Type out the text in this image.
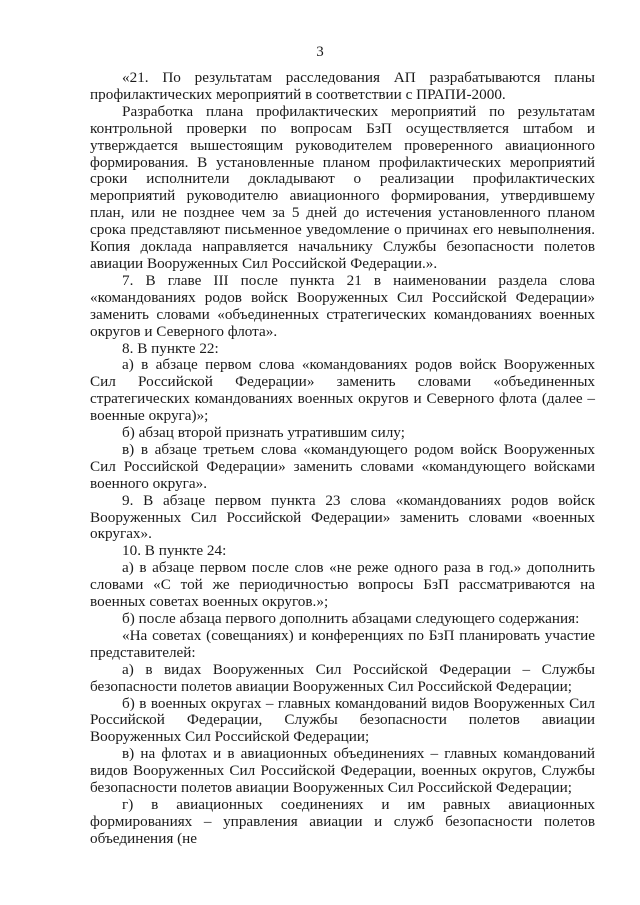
3

«21. По результатам расследования АП разрабатываются планы профилактических мероприятий в соответствии с ПРАПИ-2000.

Разработка плана профилактических мероприятий по результатам контрольной проверки по вопросам БзП осуществляется штабом и утверждается вышестоящим руководителем проверенного авиационного формирования. В установленные планом профилактических мероприятий сроки исполнители докладывают о реализации профилактических мероприятий руководителю авиационного формирования, утвердившему план, или не позднее чем за 5 дней до истечения установленного планом срока представляют письменное уведомление о причинах его невыполнения. Копия доклада направляется начальнику Службы безопасности полетов авиации Вооруженных Сил Российской Федерации.».

7. В главе III после пункта 21 в наименовании раздела слова «командованиях родов войск Вооруженных Сил Российской Федерации» заменить словами «объединенных стратегических командованиях военных округов и Северного флота».

8. В пункте 22:

а) в абзаце первом слова «командованиях родов войск Вооруженных Сил Российской Федерации» заменить словами «объединенных стратегических командованиях военных округов и Северного флота (далее – военные округа)»;

б) абзац второй признать утратившим силу;

в) в абзаце третьем слова «командующего родом войск Вооруженных Сил Российской Федерации» заменить словами «командующего войсками военного округа».

9. В абзаце первом пункта 23 слова «командованиях родов войск Вооруженных Сил Российской Федерации» заменить словами «военных округах».

10. В пункте 24:

а) в абзаце первом после слов «не реже одного раза в год.» дополнить словами «С той же периодичностью вопросы БзП рассматриваются на военных советах военных округов.»;

б) после абзаца первого дополнить абзацами следующего содержания:

«На советах (совещаниях) и конференциях по БзП планировать участие представителей:

а) в видах Вооруженных Сил Российской Федерации – Службы безопасности полетов авиации Вооруженных Сил Российской Федерации;

б) в военных округах – главных командований видов Вооруженных Сил Российской Федерации, Службы безопасности полетов авиации Вооруженных Сил Российской Федерации;

в) на флотах и в авиационных объединениях – главных командований видов Вооруженных Сил Российской Федерации, военных округов, Службы безопасности полетов авиации Вооруженных Сил Российской Федерации;

г) в авиационных соединениях и им равных авиационных формированиях – управления авиации и служб безопасности полетов объединения (не
